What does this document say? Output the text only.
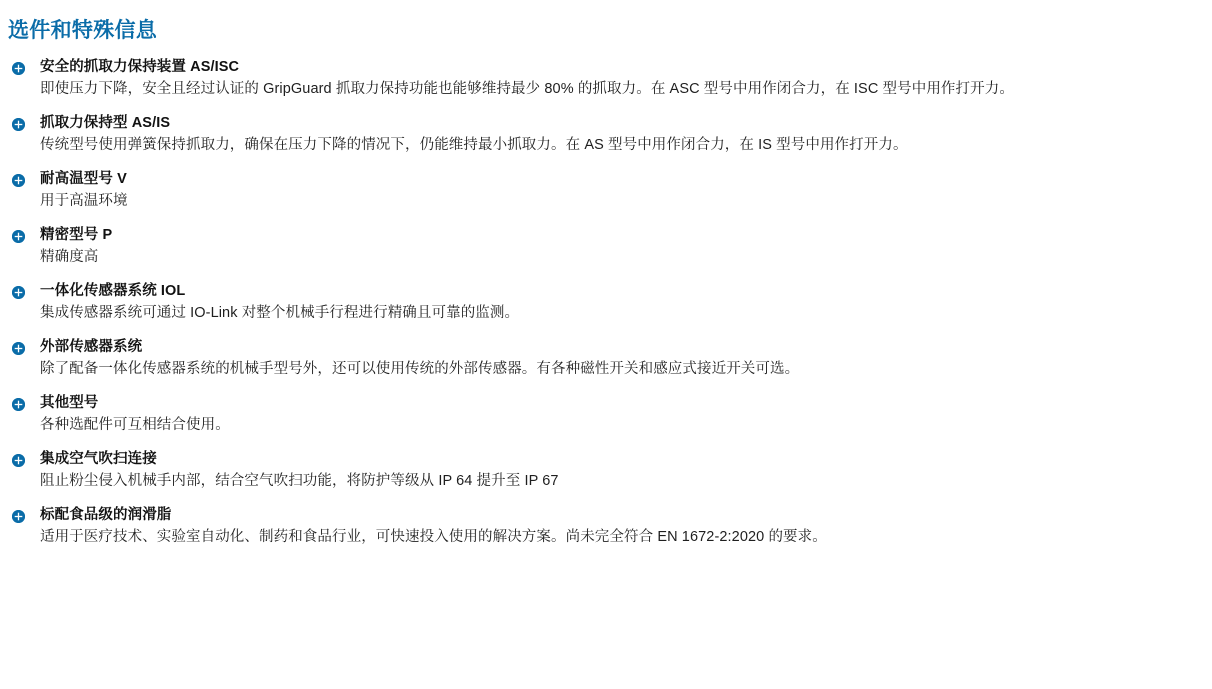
选件和特殊信息

安全的抓取力保持装置 AS/ISC

即使压力下降，安全且经过认证的 GripGuard 抓取力保持功能也能够维持最少 80% 的抓取力。在 ASC 型号中用作闭合力，在 ISC 型号中用作打开力。

抓取力保持型 AS/IS

传统型号使用弹簧保持抓取力，确保在压力下降的情况下，仍能维持最小抓取力。在 AS 型号中用作闭合力，在 IS 型号中用作打开力。

耐高温型号 V

用于高温环境

精密型号 P

精确度高

一体化传感器系统 IOL

集成传感器系统可通过 IO-Link 对整个机械手行程进行精确且可靠的监测。

外部传感器系统

除了配备一体化传感器系统的机械手型号外，还可以使用传统的外部传感器。有各种磁性开关和感应式接近开关可选。

其他型号

各种选配件可互相结合使用。

集成空气吹扫连接

阻止粉尘侵入机械手内部，结合空气吹扫功能，将防护等级从 IP 64 提升至 IP 67

标配食品级的润滑脂

适用于医疗技术、实验室自动化、制药和食品行业，可快速投入使用的解决方案。尚未完全符合 EN 1672-2:2020 的要求。
